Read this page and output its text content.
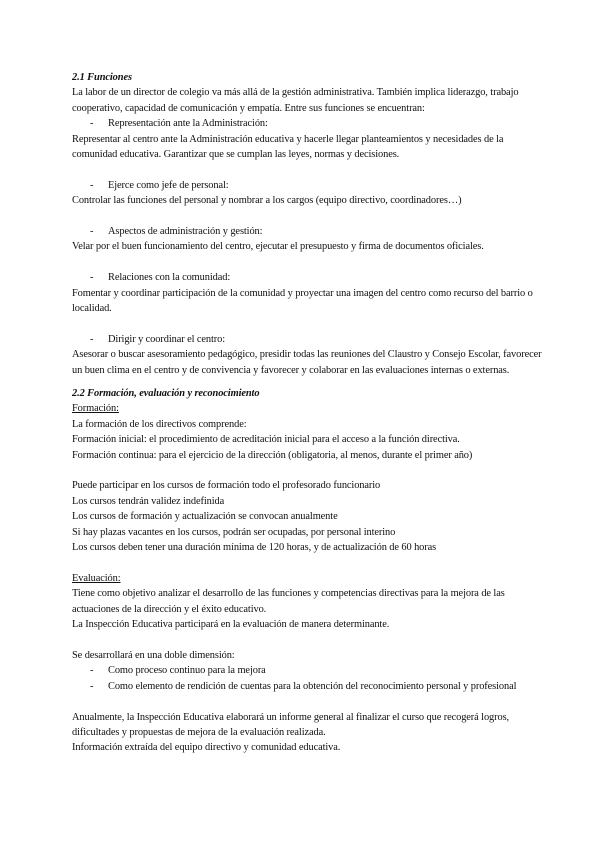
2.1 Funciones

La labor de un director de colegio va más allá de la gestión administrativa. También implica liderazgo, trabajo cooperativo, capacidad de comunicación y empatía. Entre sus funciones se encuentran:

-	Representación ante la Administración:

Representar al centro ante la Administración educativa y hacerle llegar planteamientos y necesidades de la comunidad educativa. Garantizar que se cumplan las leyes, normas y decisiones.

-	Ejerce como jefe de personal:

Controlar las funciones del personal y nombrar a los cargos (equipo directivo, coordinadores…)

-	Aspectos de administración y gestión:

Velar por el buen funcionamiento del centro, ejecutar el presupuesto y firma de documentos oficiales.

-	Relaciones con la comunidad:

Fomentar y coordinar participación de la comunidad y proyectar una imagen del centro como recurso del barrio o localidad.

-	Dirigir y coordinar el centro:

Asesorar o buscar asesoramiento pedagógico, presidir todas las reuniones del Claustro y Consejo Escolar, favorecer un buen clima en el centro y de convivencia y favorecer y colaborar en las evaluaciones internas o externas.

2.2 Formación, evaluación y reconocimiento

Formación:

La formación de los directivos comprende:

Formación inicial: el procedimiento de acreditación inicial para el acceso a la función directiva.

Formación continua: para el ejercicio de la dirección (obligatoria, al menos, durante el primer año)

Puede participar en los cursos de formación todo el profesorado funcionario

Los cursos tendrán validez indefinida

Los cursos de formación y actualización se convocan anualmente

Si hay plazas vacantes en los cursos, podrán ser ocupadas, por personal interino

Los cursos deben tener una duración mínima de 120 horas, y de actualización de 60 horas

Evaluación:

Tiene como objetivo analizar el desarrollo de las funciones y competencias directivas para la mejora de las actuaciones de la dirección y el éxito educativo.

La Inspección Educativa participará en la evaluación de manera determinante.

Se desarrollará en una doble dimensión:

-	Como proceso continuo para la mejora

-	Como elemento de rendición de cuentas para la obtención del reconocimiento personal y profesional

Anualmente, la Inspección Educativa elaborará un informe general al finalizar el curso que recogerá logros, dificultades y propuestas de mejora de la evaluación realizada.

Información extraída del equipo directivo y comunidad educativa.
